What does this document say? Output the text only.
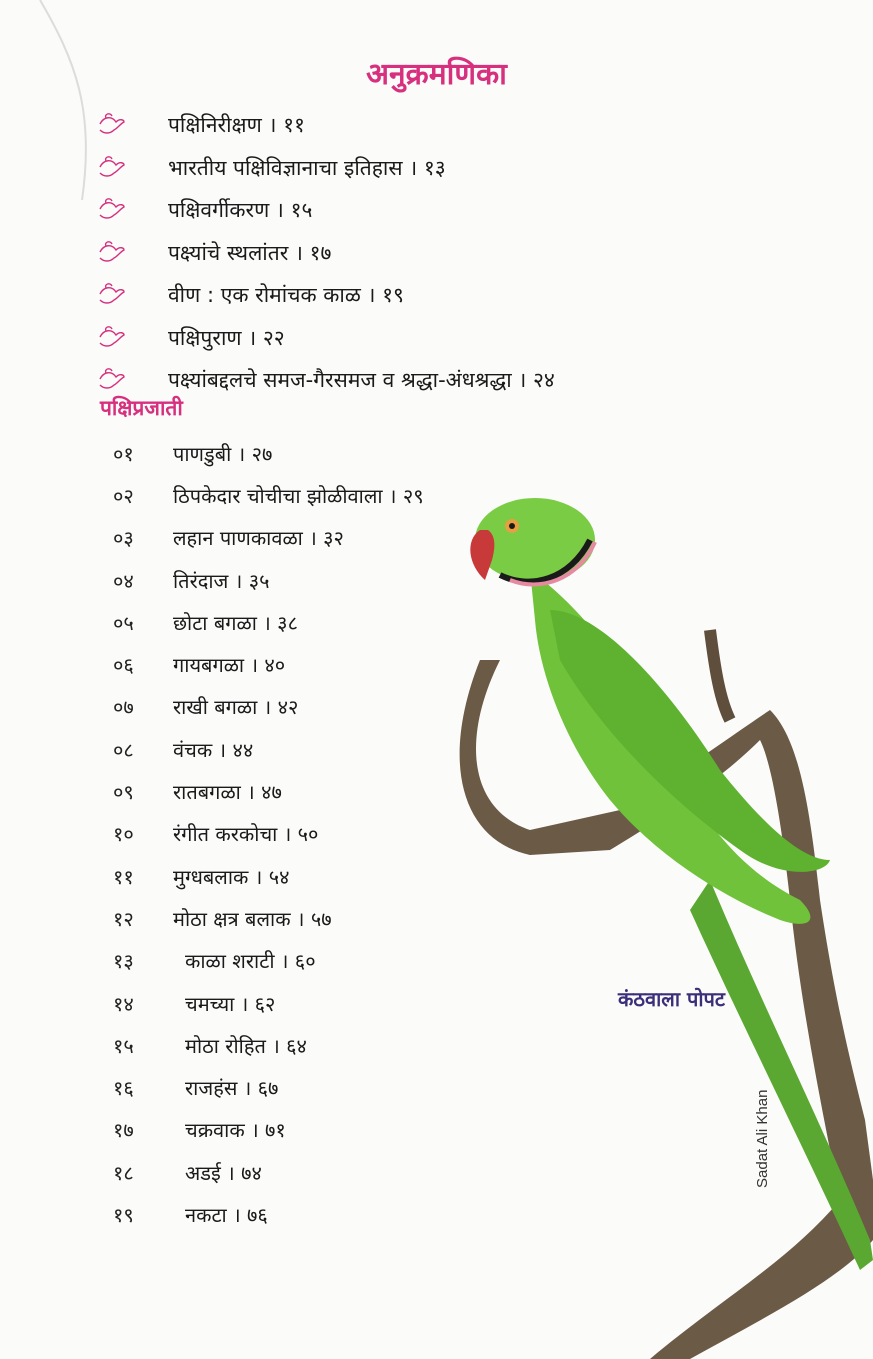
अनुक्रमणिका
पक्षिनिरीक्षण । ११
भारतीय पक्षिविज्ञानाचा इतिहास । १३
पक्षिवर्गीकरण । १५
पक्ष्यांचे स्थलांतर । १७
वीण : एक रोमांचक काळ । १९
पक्षिपुराण । २२
पक्ष्यांबद्दलचे समज-गैरसमज व श्रद्धा-अंधश्रद्धा । २४
पक्षिप्रजाती
०१	पाणडुबी । २७
०२	ठिपकेदार चोचीचा झोळीवाला । २९
०३	लहान पाणकावळा । ३२
०४	तिरंदाज । ३५
०५	छोटा बगळा । ३८
०६	गायबगळा । ४०
०७	राखी बगळा । ४२
०८	वंचक । ४४
०९	रातबगळा । ४७
१०	रंगीत करकोचा । ५०
११	मुग्धबलाक । ५४
१२	मोठा क्षत्र बलाक । ५७
१३	काळा शराटी । ६०
१४	चमच्या । ६२
१५	मोठा रोहित । ६४
१६	राजहंस । ६७
१७	चक्रवाक । ७१
१८	अडई । ७४
१९	नकटा । ७६
कंठवाला पोपट
Sadat Ali Khan
